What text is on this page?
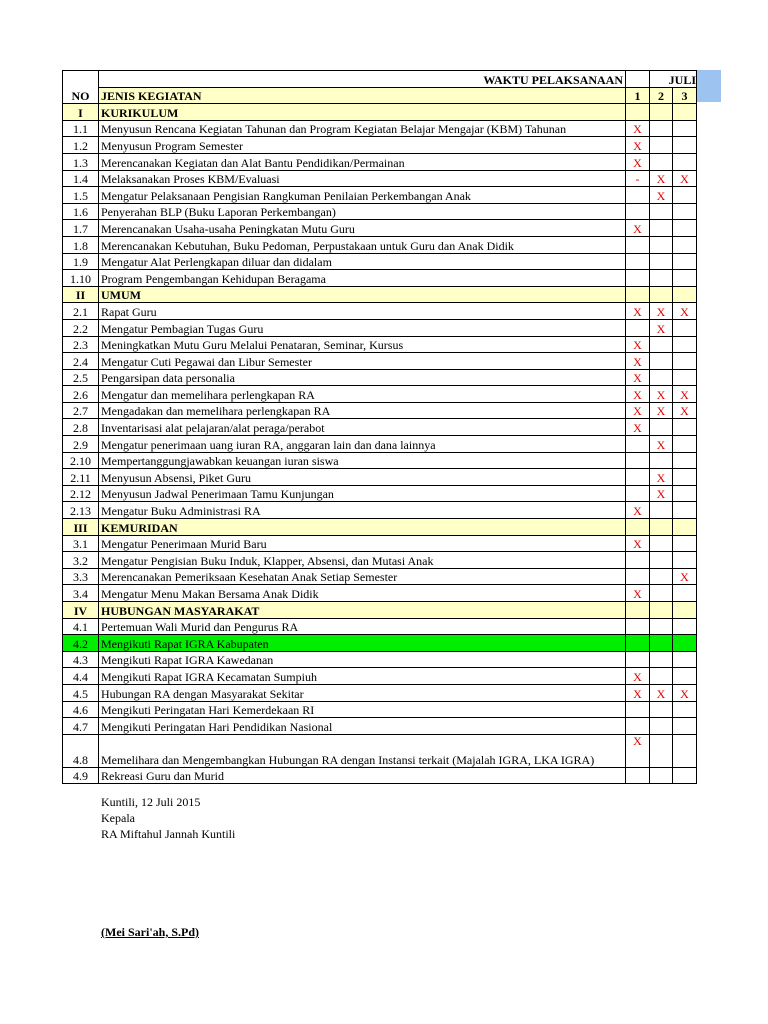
NO	WAKTU PELAKSANAAN		JULI	
	JENIS KEGIATAN	1	2	3
I	KURIKULUM			
1.1	Menyusun Rencana Kegiatan Tahunan dan Program Kegiatan Belajar Mengajar (KBM) Tahunan	X		
1.2	Menyusun Program Semester	X		
1.3	Merencanakan Kegiatan dan Alat Bantu Pendidikan/Permainan	X		
1.4	Melaksanakan Proses KBM/Evaluasi	-	X	X
1.5	Mengatur Pelaksanaan Pengisian Rangkuman Penilaian Perkembangan Anak		X	
1.6	Penyerahan BLP (Buku Laporan Perkembangan)			
1.7	Merencanakan Usaha-usaha Peningkatan Mutu Guru	X		
1.8	Merencanakan Kebutuhan, Buku Pedoman, Perpustakaan untuk Guru dan Anak Didik			
1.9	Mengatur Alat Perlengkapan diluar dan didalam			
1.10	Program Pengembangan Kehidupan Beragama			
II	UMUM			
2.1	Rapat Guru	X	X	X
2.2	Mengatur Pembagian Tugas Guru		X	
2.3	Meningkatkan Mutu Guru Melalui Penataran, Seminar, Kursus	X		
2.4	Mengatur Cuti Pegawai dan Libur Semester	X		
2.5	Pengarsipan data personalia	X		
2.6	Mengatur dan memelihara perlengkapan RA	X	X	X
2.7	Mengadakan dan memelihara perlengkapan RA	X	X	X
2.8	Inventarisasi alat pelajaran/alat peraga/perabot	X		
2.9	Mengatur penerimaan uang iuran RA, anggaran lain dan dana lainnya		X	
2.10	Mempertanggungjawabkan keuangan iuran siswa			
2.11	Menyusun Absensi, Piket Guru		X	
2.12	Menyusun Jadwal Penerimaan Tamu Kunjungan		X	
2.13	Mengatur Buku Administrasi RA	X		
III	KEMURIDAN			
3.1	Mengatur Penerimaan Murid Baru	X		
3.2	Mengatur Pengisian Buku Induk, Klapper, Absensi, dan Mutasi Anak			
3.3	Merencanakan Pemeriksaan Kesehatan Anak Setiap Semester			X
3.4	Mengatur Menu Makan Bersama Anak Didik	X		
IV	HUBUNGAN MASYARAKAT			
4.1	Pertemuan Wali Murid dan Pengurus RA			
4.2	Mengikuti Rapat IGRA Kabupaten			
4.3	Mengikuti Rapat IGRA Kawedanan			
4.4	Mengikuti Rapat IGRA Kecamatan Sumpiuh	X		
4.5	Hubungan RA dengan Masyarakat Sekitar	X	X	X
4.6	Mengikuti Peringatan Hari Kemerdekaan RI			
4.7	Mengikuti Peringatan Hari Pendidikan Nasional			
4.8	Memelihara dan Mengembangkan Hubungan RA dengan Instansi terkait (Majalah IGRA, LKA IGRA)	X		
4.9	Rekreasi Guru dan Murid			
Kuntili, 12 Juli 2015
Kepala
RA Miftahul Jannah Kuntili
(Mei Sari'ah, S.Pd)
